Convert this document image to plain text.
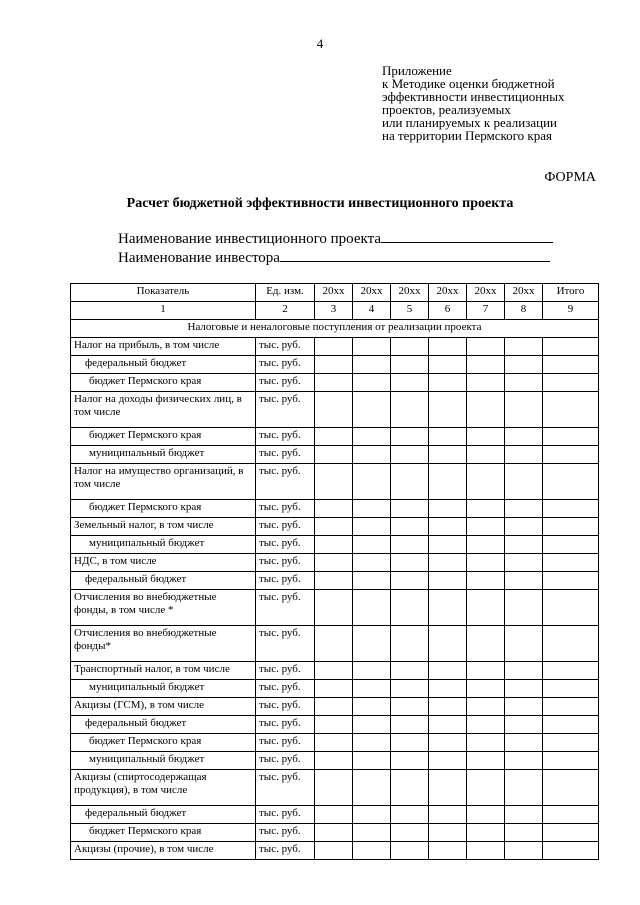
4
Приложение
к Методике оценки бюджетной
эффективности инвестиционных
проектов, реализуемых
или планируемых к реализации
на территории Пермского края
ФОРМА
Расчет бюджетной эффективности инвестиционного проекта
Наименование инвестиционного проекта
Наименование инвестора
Показатель	Ед. изм.	20хх	20хх	20хх	20хх	20хх	20хх	Итого
1	2	3	4	5	6	7	8	9
Налоговые и неналоговые поступления от реализации проекта								
Налог на прибыль, в том числе	тыс. руб.							
федеральный бюджет	тыс. руб.							
бюджет Пермского края	тыс. руб.							
Налог на доходы физических лиц, в том числе	тыс. руб.							
бюджет Пермского края	тыс. руб.							
муниципальный бюджет	тыс. руб.							
Налог на имущество организаций, в том числе	тыс. руб.							
бюджет Пермского края	тыс. руб.							
Земельный налог, в том числе	тыс. руб.							
муниципальный бюджет	тыс. руб.							
НДС, в том числе	тыс. руб.							
федеральный бюджет	тыс. руб.							
Отчисления во внебюджетные фонды, в том числе *	тыс. руб.							
Отчисления во внебюджетные фонды*	тыс. руб.							
Транспортный налог, в том числе	тыс. руб.							
муниципальный бюджет	тыс. руб.							
Акцизы (ГСМ), в том числе	тыс. руб.							
федеральный бюджет	тыс. руб.							
бюджет Пермского края	тыс. руб.							
муниципальный бюджет	тыс. руб.							
Акцизы (спиртосодержащая продукция), в том числе	тыс. руб.							
федеральный бюджет	тыс. руб.							
бюджет Пермского края	тыс. руб.							
Акцизы (прочие), в том числе	тыс. руб.							
